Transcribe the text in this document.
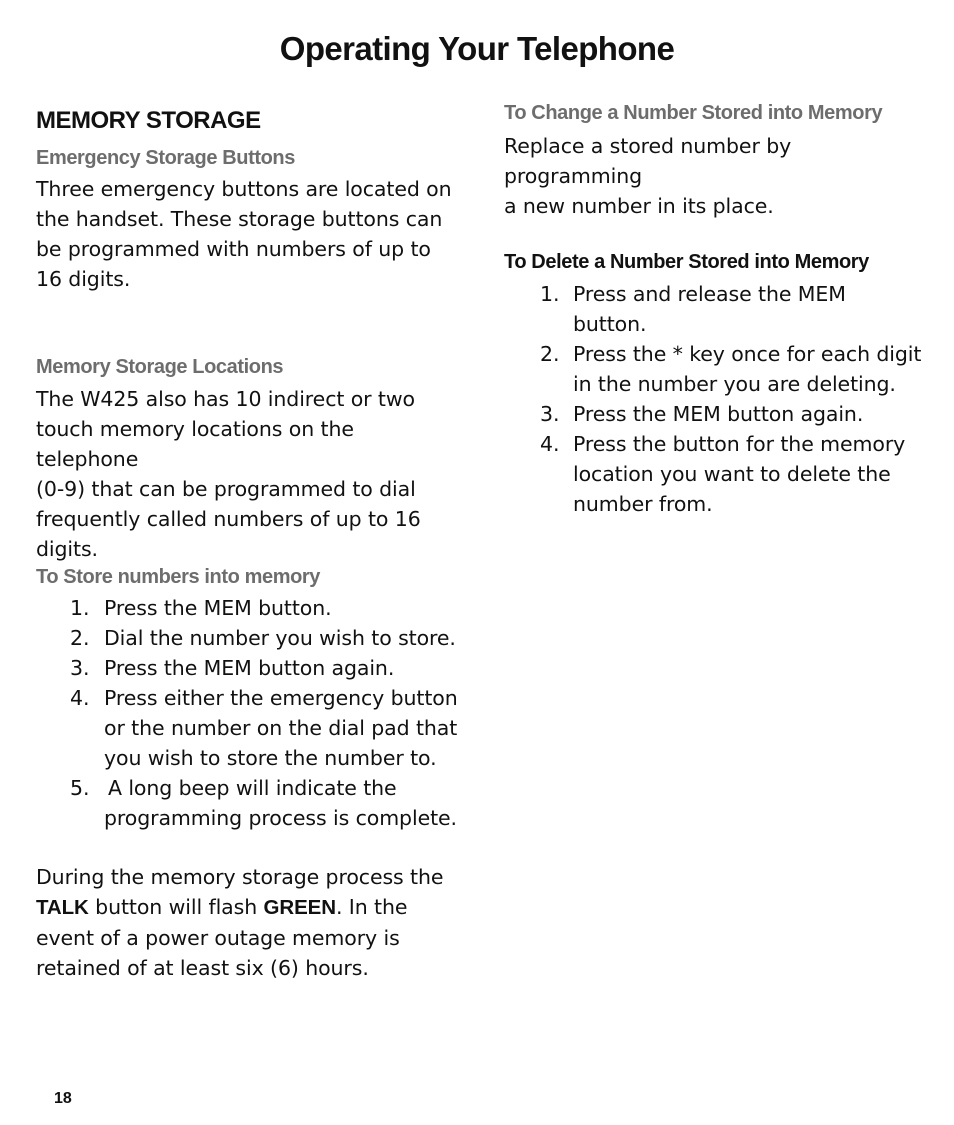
Operating Your Telephone
MEMORY STORAGE
Emergency Storage Buttons
Three emergency buttons are located on
the handset. These storage buttons can
be programmed with numbers of up to
16 digits.
Memory Storage Locations
The W425 also has 10 indirect or two
touch memory locations on the telephone
(0-9) that can be programmed to dial
frequently called numbers of up to 16
digits.
To Store numbers into memory
1. Press the MEM button.
2. Dial the number you wish to store.
3. Press the MEM button again.
4. Press either the emergency button
or the number on the dial pad that
you wish to store the number to.
5. A long beep will indicate the
programming process is complete.
During the memory storage process the
TALK button will flash GREEN. In the
event of a power outage memory is
retained of at least six (6) hours.
To Change a Number Stored into Memory
Replace a stored number by programming
a new number in its place.
To Delete a Number Stored into Memory
1. Press and release the MEM
button.
2. Press the * key once for each digit
in the number you are deleting.
3. Press the MEM button again.
4. Press the button for the memory
location you want to delete the
number from.
18
